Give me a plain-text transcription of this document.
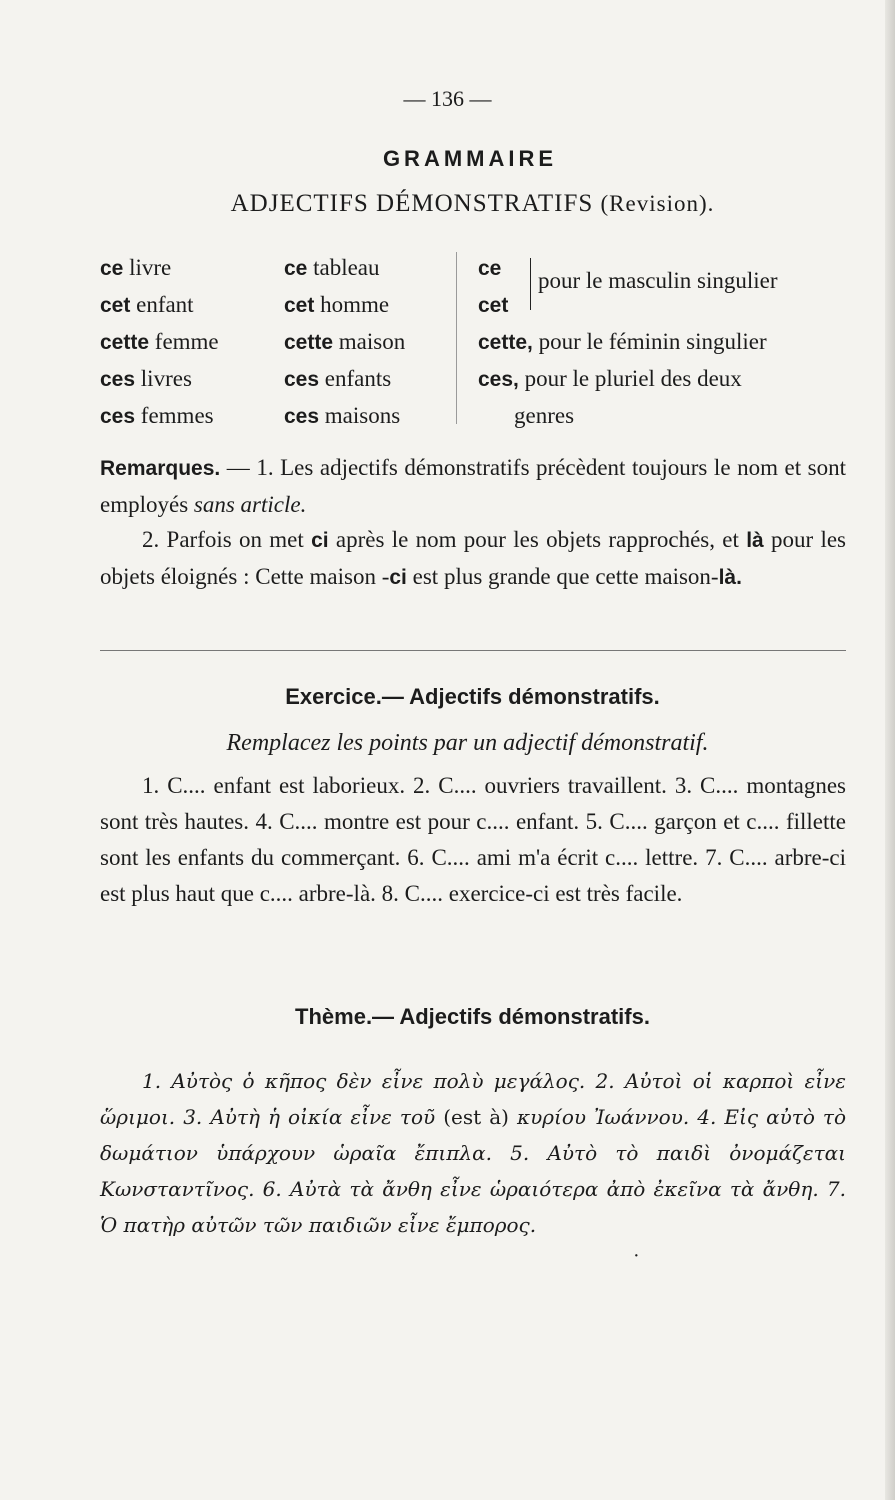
— 136 —
GRAMMAIRE
ADJECTIFS DÉMONSTRATIFS (Revision).
ce livre
cet enfant
cette femme
ces livres
ces femmes
ce tableau
cet homme
cette maison
ces enfants
ces maisons
ce
cet
cette, pour le féminin singulier
ces, pour le pluriel des deux
genres
pour le masculin singulier
Remarques. — 1. Les adjectifs démonstratifs précèdent toujours le nom et sont employés sans article.
2. Parfois on met ci après le nom pour les objets rapprochés, et là pour les objets éloignés : Cette maison -ci est plus grande que cette maison-là.
Exercice.— Adjectifs démonstratifs.
Remplacez les points par un adjectif démonstratif.
1. C.... enfant est laborieux. 2. C.... ouvriers travaillent. 3. C.... montagnes sont très hautes. 4. C.... montre est pour c.... enfant. 5. C.... garçon et c.... fillette sont les enfants du commerçant. 6. C.... ami m'a écrit c.... lettre. 7. C.... arbre-ci est plus haut que c.... arbre-là. 8. C.... exercice-ci est très facile.
Thème.— Adjectifs démonstratifs.
1. Αὐτὸς ὁ κῆπος δὲν εἶνε πολὺ μεγάλος. 2. Αὐτοὶ οἱ καρποὶ εἶνε ὥριμοι. 3. Αὐτὴ ἡ οἰκία εἶνε τοῦ (est à) κυρίου Ἰωάννου. 4. Εἰς αὐτὸ τὸ δωμάτιον ὑπάρχουν ὡραῖα ἔπιπλα. 5. Αὐτὸ τὸ παιδὶ ὀνομάζεται Κωνσταντῖνος. 6. Αὐτὰ τὰ ἄνθη εἶνε ὡραιότερα ἀπὸ ἐκεῖνα τὰ ἄνθη. 7. Ὁ πατὴρ αὐτῶν τῶν παιδιῶν εἶνε ἔμπορος.
·
